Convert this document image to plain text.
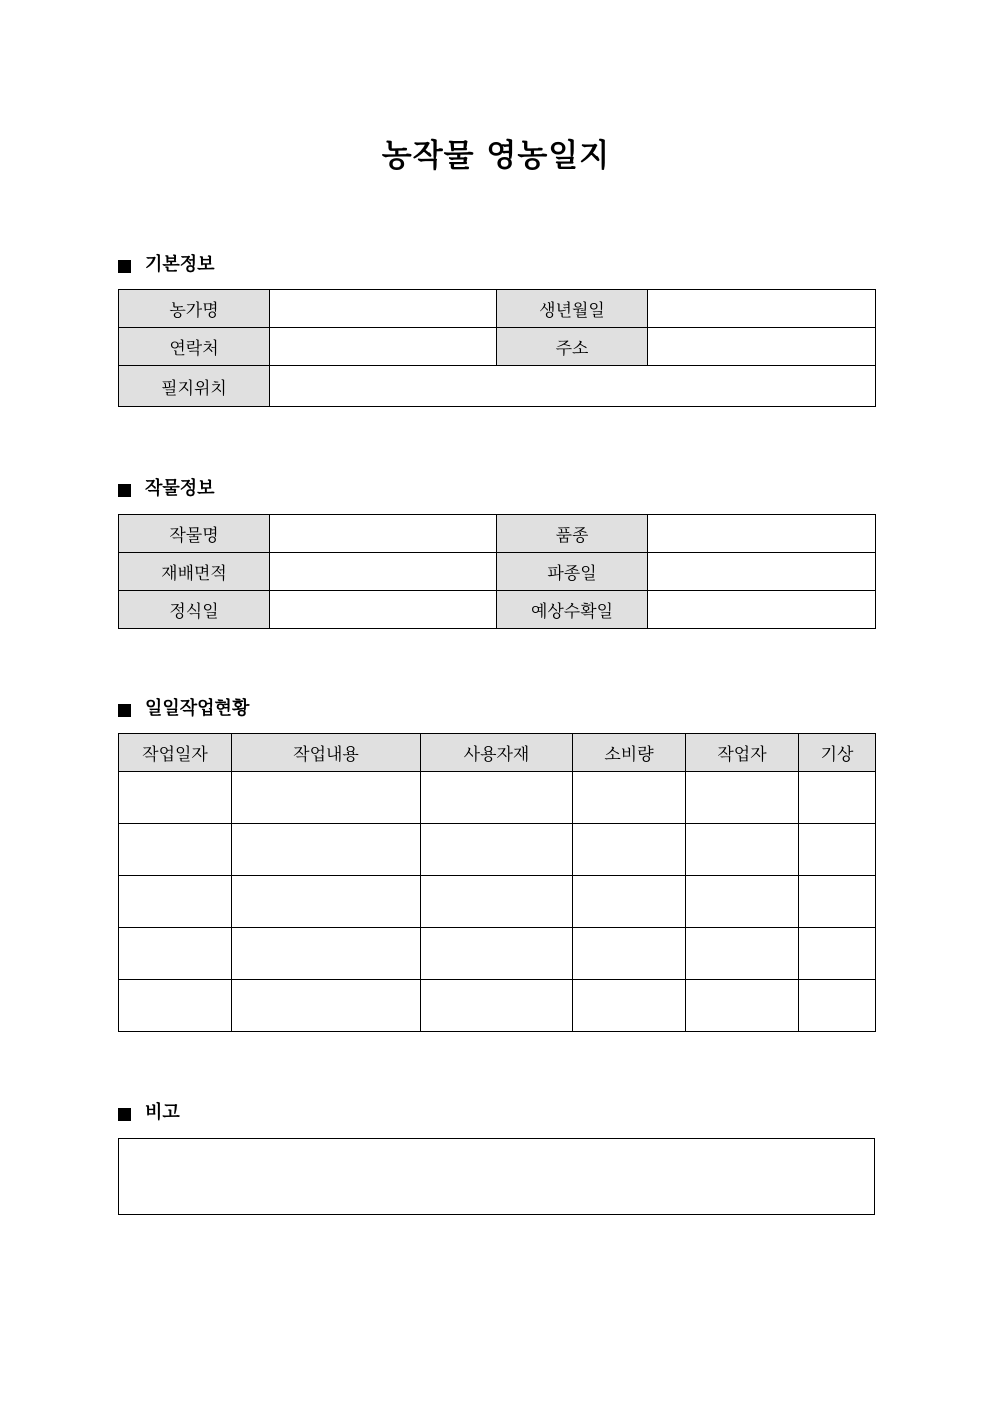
농작물 영농일지
기본정보
농가명		생년월일	
연락처		주소	
필지위치			
작물정보
작물명		품종	
재배면적		파종일	
정식일		예상수확일	
일일작업현황
작업일자	작업내용	사용자재	소비량	작업자	기상

비고
